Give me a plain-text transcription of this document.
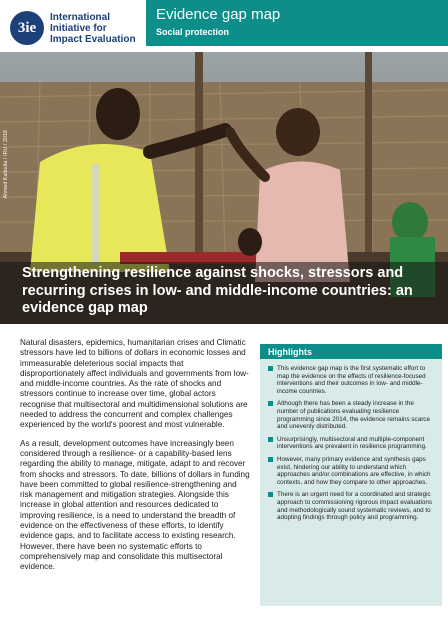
3ie
International
Initiative for
Impact Evaluation
Evidence gap map
Social protection
Ahmed Kalbulla / IRU / 2018
Strengthening resilience against shocks, stressors and recurring crises in low- and middle-income countries: an evidence gap map

Natural disasters, epidemics, humanitarian crises and Climatic stressors have led to billions of dollars in economic losses and immeasurable deleterious social impacts that disproportionately affect individuals and governments from low- and middle-income countries. As the rate of shocks and stressors continue to increase over time, global actors recognise that multisectoral and multidimensional solutions are needed to address the concurrent and complex challenges experienced by the world's poorest and most vulnerable.

As a result, development outcomes have increasingly been considered through a resilience- or a capability-based lens regarding the ability to manage, mitigate, adapt to and recover from shocks and stressors. To date, billions of dollars in funding have been committed to global resilience-strengthening and risk management and mitigation strategies. Alongside this increase in global attention and resources dedicated to improving resilience, is a need to understand the breadth of evidence on the effectiveness of these efforts, to identify evidence gaps, and to facilitate access to existing research. However, there have been no systematic efforts to comprehensively map and consolidate this multisectoral evidence.

Highlights
This evidence gap map is the first systematic effort to map the evidence on the effects of resilience-focused interventions and their outcomes in low- and middle-income countries.
Although there has been a steady increase in the number of publications evaluating resilience programming since 2014, the evidence remains scarce and unevenly distributed.
Unsurprisingly, multisectoral and multiple-component interventions are prevalent in resilience programming.
However, many primary evidence and synthesis gaps exist, hindering our ability to understand which approaches and/or combinations are effective, in which contexts, and how they compare to other approaches.
There is an urgent need for a coordinated and strategic approach to commissioning rigorous impact evaluations and methodologically sound systematic reviews, and to adopting findings through policy and programming.
